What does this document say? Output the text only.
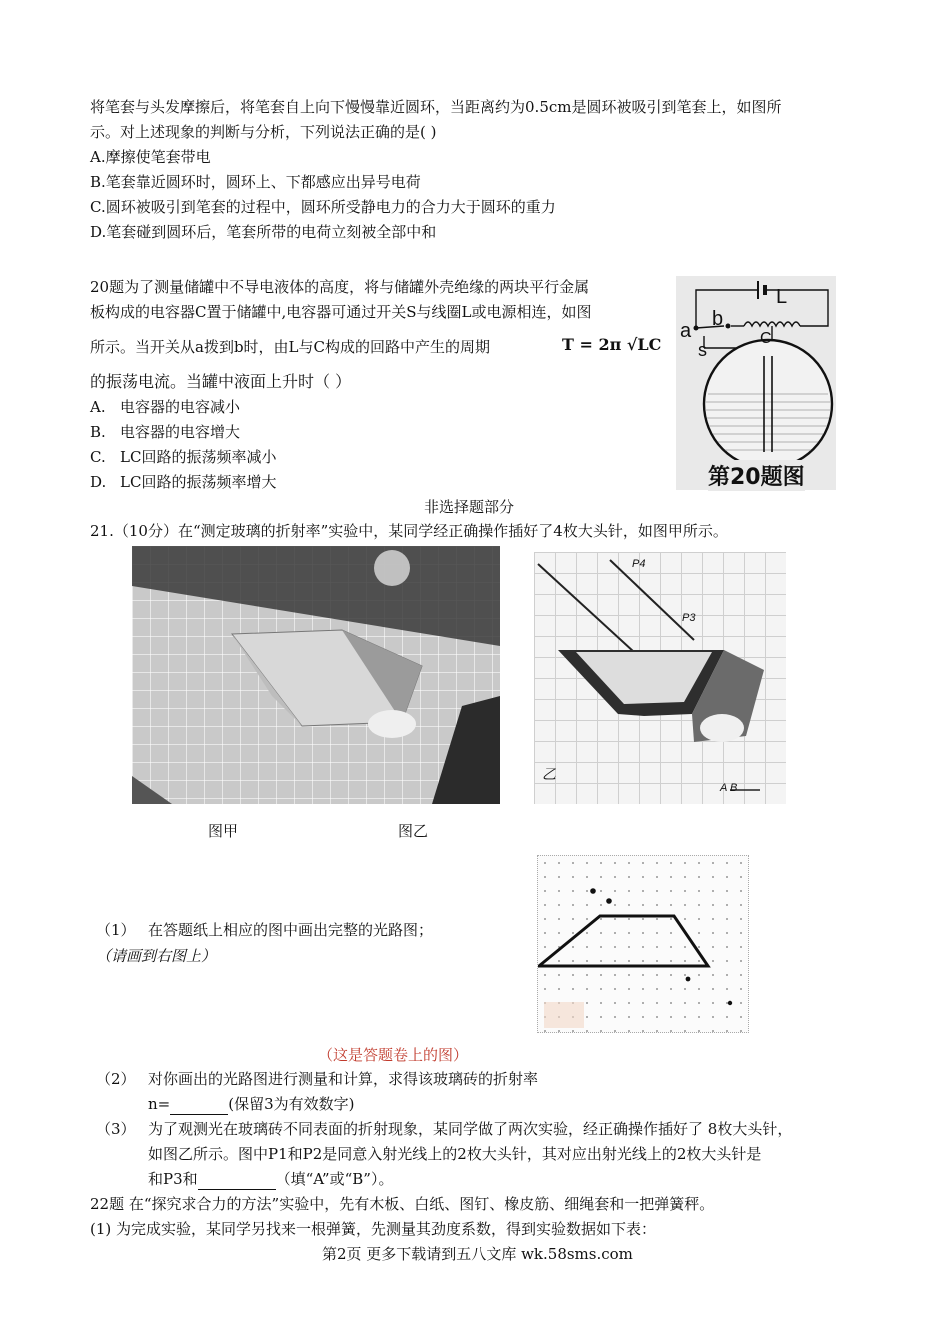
将笔套与头发摩擦后，将笔套自上向下慢慢靠近圆环，当距离约为0.5cm是圆环被吸引到笔套上，如图所
示。对上述现象的判断与分析，下列说法正确的是( )
A.摩擦使笔套带电
B.笔套靠近圆环时，圆环上、下都感应出异号电荷
C.圆环被吸引到笔套的过程中，圆环所受静电力的合力大于圆环的重力
D.笔套碰到圆环后，笔套所带的电荷立刻被全部中和
20题为了测量储罐中不导电液体的高度，将与储罐外壳绝缘的两块平行金属
板构成的电容器C置于储罐中,电容器可通过开关S与线圈L或电源相连，如图
所示。当开关从a拨到b时，由L与C构成的回路中产生的周期	T = 2π √LC
的振荡电流。当罐中液面上升时（ ）
A. 电容器的电容减小
B. 电容器的电容增大
C. LC回路的振荡频率减小
D. LC回路的振荡频率增大
L
b
a
s
C
第20题图
非选择题部分
21.（10分）在“测定玻璃的折射率”实验中，某同学经正确操作插好了4枚大头针，如图甲所示。
P4
P3
乙
A B
图甲	图乙
（1） 在答题纸上相应的图中画出完整的光路图；
（请画到右图上）
（这是答题卷上的图）
（2） 对你画出的光路图进行测量和计算，求得该玻璃砖的折射率
n=	(保留3为有效数字)
（3） 为了观测光在玻璃砖不同表面的折射现象，某同学做了两次实验，经正确操作插好了 8枚大头针，
如图乙所示。图中P1和P2是同意入射光线上的2枚大头针，其对应出射光线上的2枚大头针是
和P3和	（填“A”或“B”）。
22题 在“探究求合力的方法”实验中，先有木板、白纸、图钉、橡皮筋、细绳套和一把弹簧秤。
(1) 为完成实验，某同学另找来一根弹簧，先测量其劲度系数，得到实验数据如下表：
第2页 更多下载请到五八文库 wk.58sms.com
